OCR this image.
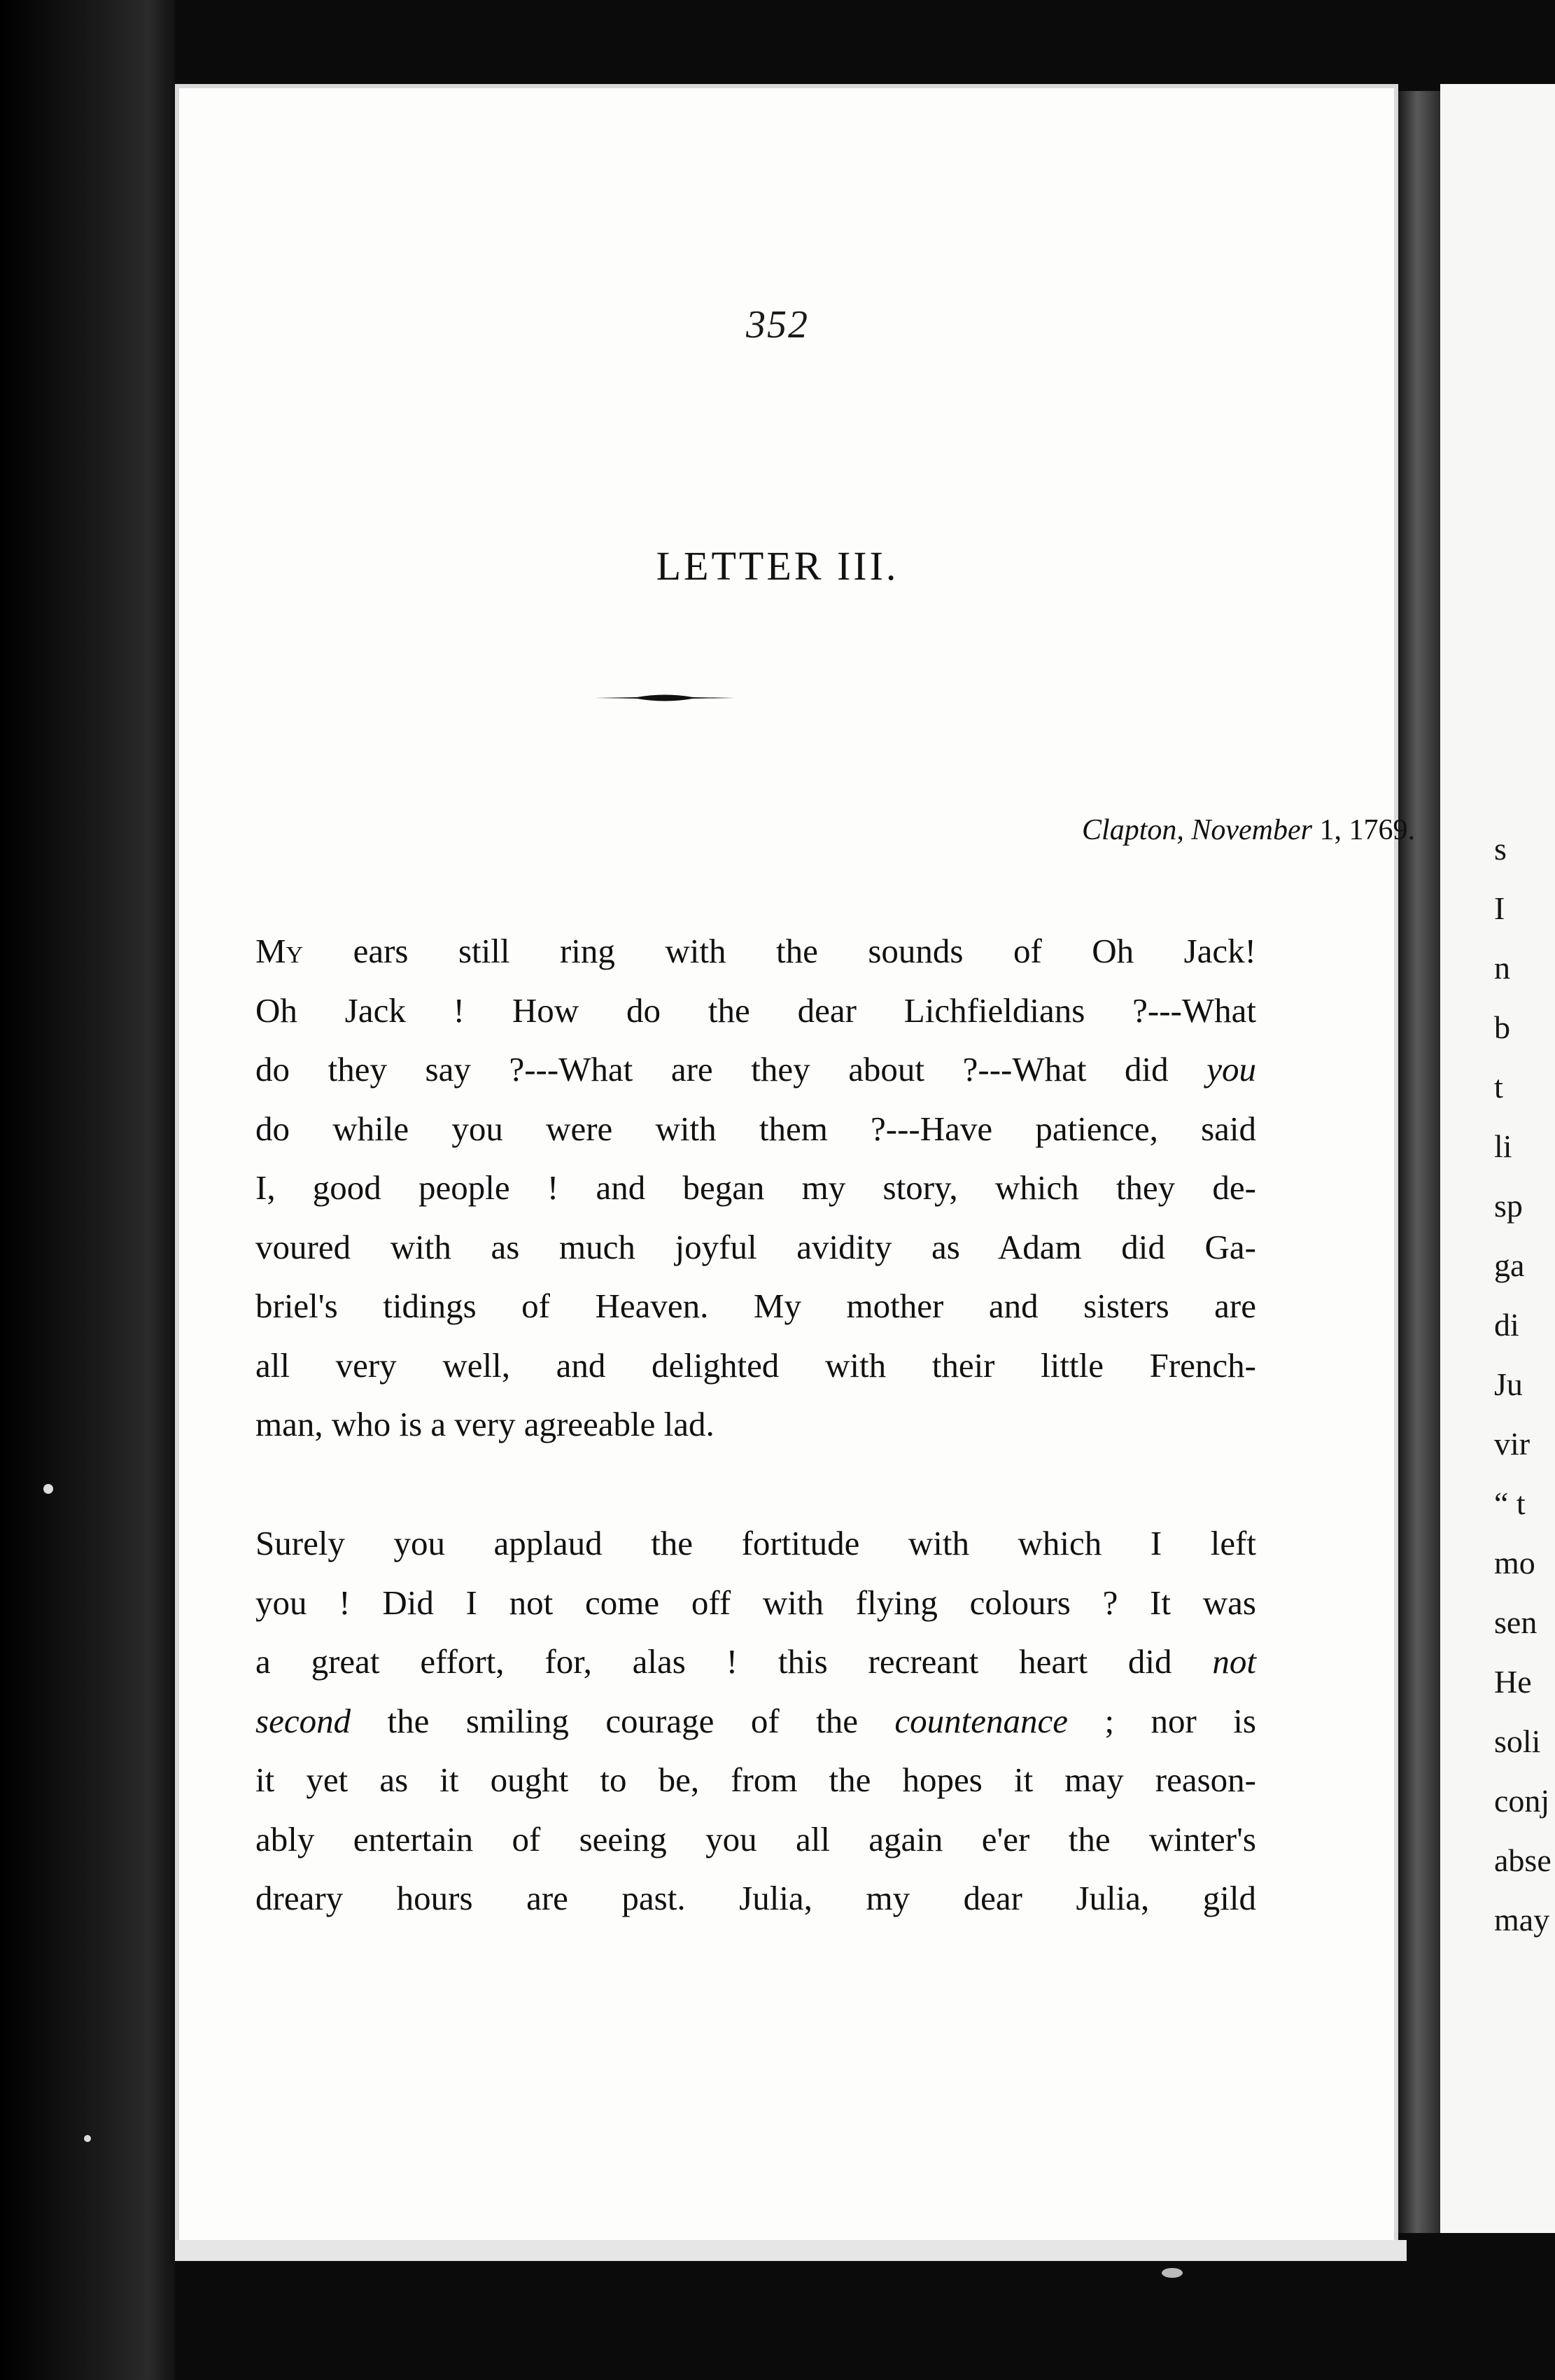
s
I
n
b
t
li
sp
ga
di
Ju
vir
“ t
mo
sen
He
soli
conj
abse
may
352
LETTER III.
Clapton, November 1, 1769.
My ears still ring with the sounds of Oh Jack!
Oh Jack ! How do the dear Lichfieldians ?---What
do they say ?---What are they about ?---What did you
do while you were with them ?---Have patience, said
I, good people ! and began my story, which they de-
voured with as much joyful avidity as Adam did Ga-
briel's tidings of Heaven. My mother and sisters are
all very well, and delighted with their little French-
man, who is a very agreeable lad.
Surely you applaud the fortitude with which I left
you ! Did I not come off with flying colours ? It was
a great effort, for, alas ! this recreant heart did not
second the smiling courage of the countenance ; nor is
it yet as it ought to be, from the hopes it may reason-
ably entertain of seeing you all again e'er the winter's
dreary hours are past. Julia, my dear Julia, gild
